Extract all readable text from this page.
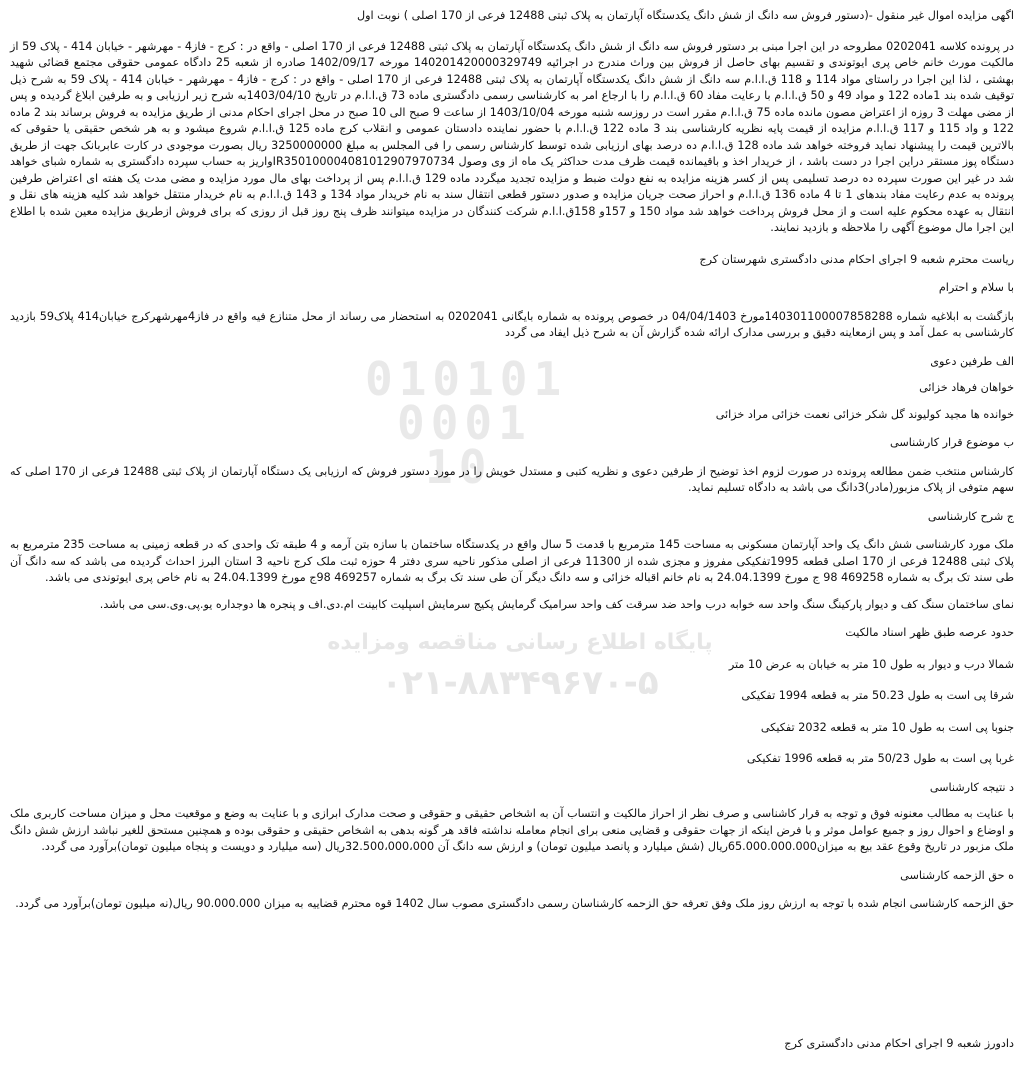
010101
0001
10
پایگاه اطلاع رسانی مناقصه ومزایده
۰۲۱-۸۸۳۴۹۶۷۰-۵

اگهی مزایده اموال غیر منقول -(دستور فروش سه دانگ از شش دانگ یکدستگاه آپارتمان به پلاک ثبتی 12488 فرعی از 170 اصلی ) نوبت اول

در پرونده کلاسه 0202041 مطروحه در این اجرا مبنی بر دستور فروش سه دانگ از شش دانگ یکدستگاه آپارتمان به پلاک ثبتی 12488 فرعی از 170 اصلی - واقع در : کرج - فاز4 - مهرشهر - خیابان 414 - پلاک 59 از مالکیت مورث خانم خاص پری ایوتوندی و تقسیم بهای حاصل از فروش بین وراث مندرج در اجرائیه 140201420000329749 مورخه 1402/09/17 صادره از شعبه 25 دادگاه عمومی حقوقی مجتمع قضائی شهید بهشتی ، لذا این اجرا در راستای مواد 114 و 118 ق.ا.ا.م سه دانگ از شش دانگ یکدستگاه آپارتمان به پلاک ثبتی 12488 فرعی از 170 اصلی - واقع در : کرج - فاز4 - مهرشهر - خیابان 414 - پلاک 59 به شرح ذیل توقیف شده بند 1ماده 122 و مواد 49 و 50 ق.ا.ا.م با رعایت مفاد 60 ق.ا.ا.م را با ارجاع امر به کارشناسی رسمی دادگستری ماده 73 ق.ا.ا.م در تاریخ 1403/04/10به شرح زیر ارزیابی و به طرفین ابلاغ گردیده و پس از مضی مهلت 3 روزه از اعتراض مصون مانده ماده 75 ق.ا.ا.م مقرر است در روزسه شنبه مورخه 1403/10/04 از ساعت 9 صبح الی 10 صبح در محل اجرای احکام مدنی از طریق مزایده به فروش برساند بند 2 ماده 122 و واد 115 و 117 ق.ا.ا.م مزایده از قیمت پایه نظریه کارشناسی بند 3 ماده 122 ق.ا.ا.م با حضور نماینده دادستان عمومی و انقلاب کرج ماده 125 ق.ا.ا.م شروع میشود و به هر شخص حقیقی یا حقوقی که بالاترین قیمت را پیشنهاد نماید فروخته خواهد شد ماده 128 ق.ا.ا.م ده درصد بهای ارزیابی شده توسط کارشناس رسمی را فی المجلس به مبلغ 3250000000 ریال بصورت موجودی در کارت عابربانک جهت از طریق دستگاه پوز مستقر دراین اجرا در دست باشد ، از خریدار اخذ و باقیمانده قیمت ظرف مدت حداکثر یک ماه از وی وصول IR350100004081012907970734واریز به حساب سپرده دادگستری به شماره شبای خواهد شد در غیر این صورت سپرده ده درصد تسلیمی پس از کسر هزینه مزایده به نفع دولت ضبط و مزایده تجدید میگردد ماده 129 ق.ا.ا.م پس از پرداخت بهای مال مورد مزایده و مضی مدت یک هفته ای اعتراض طرفین پرونده به عدم رعایت مفاد بندهای 1 تا 4 ماده 136 ق.ا.ا.م و احراز صحت جریان مزایده و صدور دستور قطعی انتقال سند به نام خریدار مواد 134 و 143 ق.ا.ا.م به نام خریدار منتقل خواهد شد کلیه هزینه های نقل و انتقال به عهده محکوم علیه است و از محل فروش پرداخت خواهد شد مواد 150 و 157و 158ق.ا.ا.م شرکت کنندگان در مزایده میتوانند ظرف پنج روز قبل از روزی که برای فروش ازطریق مزایده معین شده با اطلاع این اجرا مال موضوع آگهی را ملاحظه و بازدید نمایند.

ریاست محترم شعبه 9 اجرای احکام مدنی دادگستری شهرستان کرج

با سلام و احترام

بازگشت به ابلاغیه شماره 140301100007858288مورخ 04/04/1403 در خصوص پرونده به شماره بایگانی 0202041 به استحضار می رساند از محل متنازع فیه واقع در فاز4مهرشهرکرج خیابان414 پلاک59 بازدید کارشناسی به عمل آمد و پس ازمعاینه دقیق و بررسی مدارک ارائه شده گزارش آن به شرح ذیل ایفاد می گردد

الف طرفین دعوی

خواهان فرهاد خزائی

خوانده ها مجید کولیوند گل شکر خزائی نعمت خزائی مراد خزائی

ب موضوع قرار کارشناسی

کارشناس منتخب ضمن مطالعه پرونده در صورت لزوم اخذ توضیح از طرفین دعوی و نظریه کتبی و مستدل خویش را در مورد دستور فروش که ارزیابی یک دستگاه آپارتمان از پلاک ثبتی 12488 فرعی از 170 اصلی که سهم متوفی از پلاک مزبور(مادر)3دانگ می باشد به دادگاه تسلیم نماید.

ج شرح کارشناسی

ملک مورد کارشناسی شش دانگ یک واحد آپارتمان مسکونی به مساحت 145 مترمربع با قدمت 5 سال واقع در یکدستگاه ساختمان با سازه بتن آرمه و 4 طبقه تک واحدی که در قطعه زمینی به مساحت 235 مترمربع به پلاک ثبتی 12488 فرعی از 170 اصلی قطعه 1995تفکیکی مفروز و مجزی شده از 11300 فرعی از اصلی مذکور ناحیه سری دفتر 4 حوزه ثبت ملک کرج ناحیه 3 استان البرز احداث گردیده می باشد که سه دانگ آن طی سند تک برگ به شماره 469258 98 ج مورخ 24.04.1399 به نام خانم اقباله خزائی و سه دانگ دیگر آن طی سند تک برگ به شماره 469257 98ج مورخ 24.04.1399 به نام خاص پری ایوتوندی می باشد.

نمای ساختمان سنگ کف و دیوار پارکینگ سنگ واحد سه خوابه درب واحد ضد سرقت کف واحد سرامیک گرمایش پکیج سرمایش اسپلیت کابینت ام.دی.اف و پنجره ها دوجداره یو.پی.وی.سی می باشد.

حدود عرصه طبق ظهر اسناد مالکیت

شمالا درب و دیوار به طول 10 متر به خیابان به عرض 10 متر

شرقا پی است به طول 50.23 متر به قطعه 1994 تفکیکی

جنوبا پی است به طول 10 متر به قطعه 2032 تفکیکی

غربا پی است به طول 50/23 متر به قطعه 1996 تفکیکی

د نتیجه کارشناسی

با عنایت به مطالب معنونه فوق و توجه به قرار کاشناسی و صرف نظر از احراز مالکیت و انتساب آن به اشخاص حقیقی و حقوقی و صحت مدارک ابرازی و با عنایت به وضع و موقعیت محل و میزان مساحت کاربری ملک و اوضاع و احوال روز و جمیع عوامل موثر و با فرض اینکه از جهات حقوقی و قضایی منعی برای انجام معامله نداشته فاقد هر گونه بدهی به اشخاص حقیقی و حقوقی بوده و همچنین مستحق للغیر نباشد ارزش شش دانگ ملک مزبور در تاریخ وقوع عقد بیع به میزان65.000.000.000ریال (شش میلیارد و پانصد میلیون تومان) و ارزش سه دانگ آن 32.500،000،000ریال (سه میلیارد و دویست و پنجاه میلیون تومان)برآورد می گردد.

ه حق الزحمه کارشناسی

حق الزحمه کارشناسی انجام شده با توجه به ارزش روز ملک وفق تعرفه حق الزحمه کارشناسان رسمی دادگستری مصوب سال 1402 قوه محترم قضاییه به میزان 90.000.000 ریال(نه میلیون تومان)برآورد می گردد.

دادورز شعبه 9 اجرای احکام مدنی دادگستری کرج
